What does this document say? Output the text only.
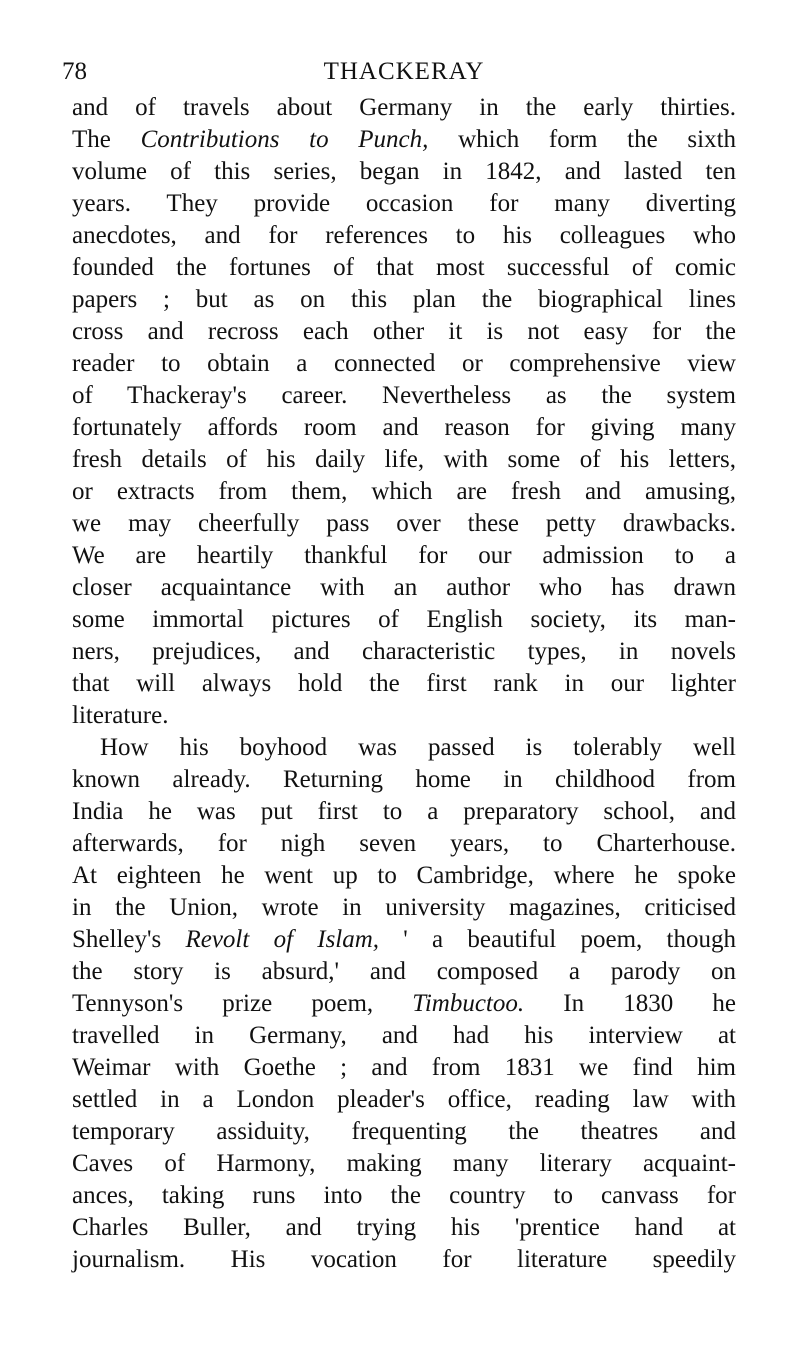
78	THACKERAY
and of travels about Germany in the early thirties.
The Contributions to Punch, which form the sixth
volume of this series, began in 1842, and lasted ten
years. They provide occasion for many diverting
anecdotes, and for references to his colleagues who
founded the fortunes of that most successful of comic
papers ; but as on this plan the biographical lines
cross and recross each other it is not easy for the
reader to obtain a connected or comprehensive view
of Thackeray's career. Nevertheless as the system
fortunately affords room and reason for giving many
fresh details of his daily life, with some of his letters,
or extracts from them, which are fresh and amusing,
we may cheerfully pass over these petty drawbacks.
We are heartily thankful for our admission to a
closer acquaintance with an author who has drawn
some immortal pictures of English society, its man-
ners, prejudices, and characteristic types, in novels
that will always hold the first rank in our lighter
literature.
How his boyhood was passed is tolerably well
known already. Returning home in childhood from
India he was put first to a preparatory school, and
afterwards, for nigh seven years, to Charterhouse.
At eighteen he went up to Cambridge, where he spoke
in the Union, wrote in university magazines, criticised
Shelley's Revolt of Islam, ' a beautiful poem, though
the story is absurd,' and composed a parody on
Tennyson's prize poem, Timbuctoo. In 1830 he
travelled in Germany, and had his interview at
Weimar with Goethe ; and from 1831 we find him
settled in a London pleader's office, reading law with
temporary assiduity, frequenting the theatres and
Caves of Harmony, making many literary acquaint-
ances, taking runs into the country to canvass for
Charles Buller, and trying his 'prentice hand at
journalism. His vocation for literature speedily
